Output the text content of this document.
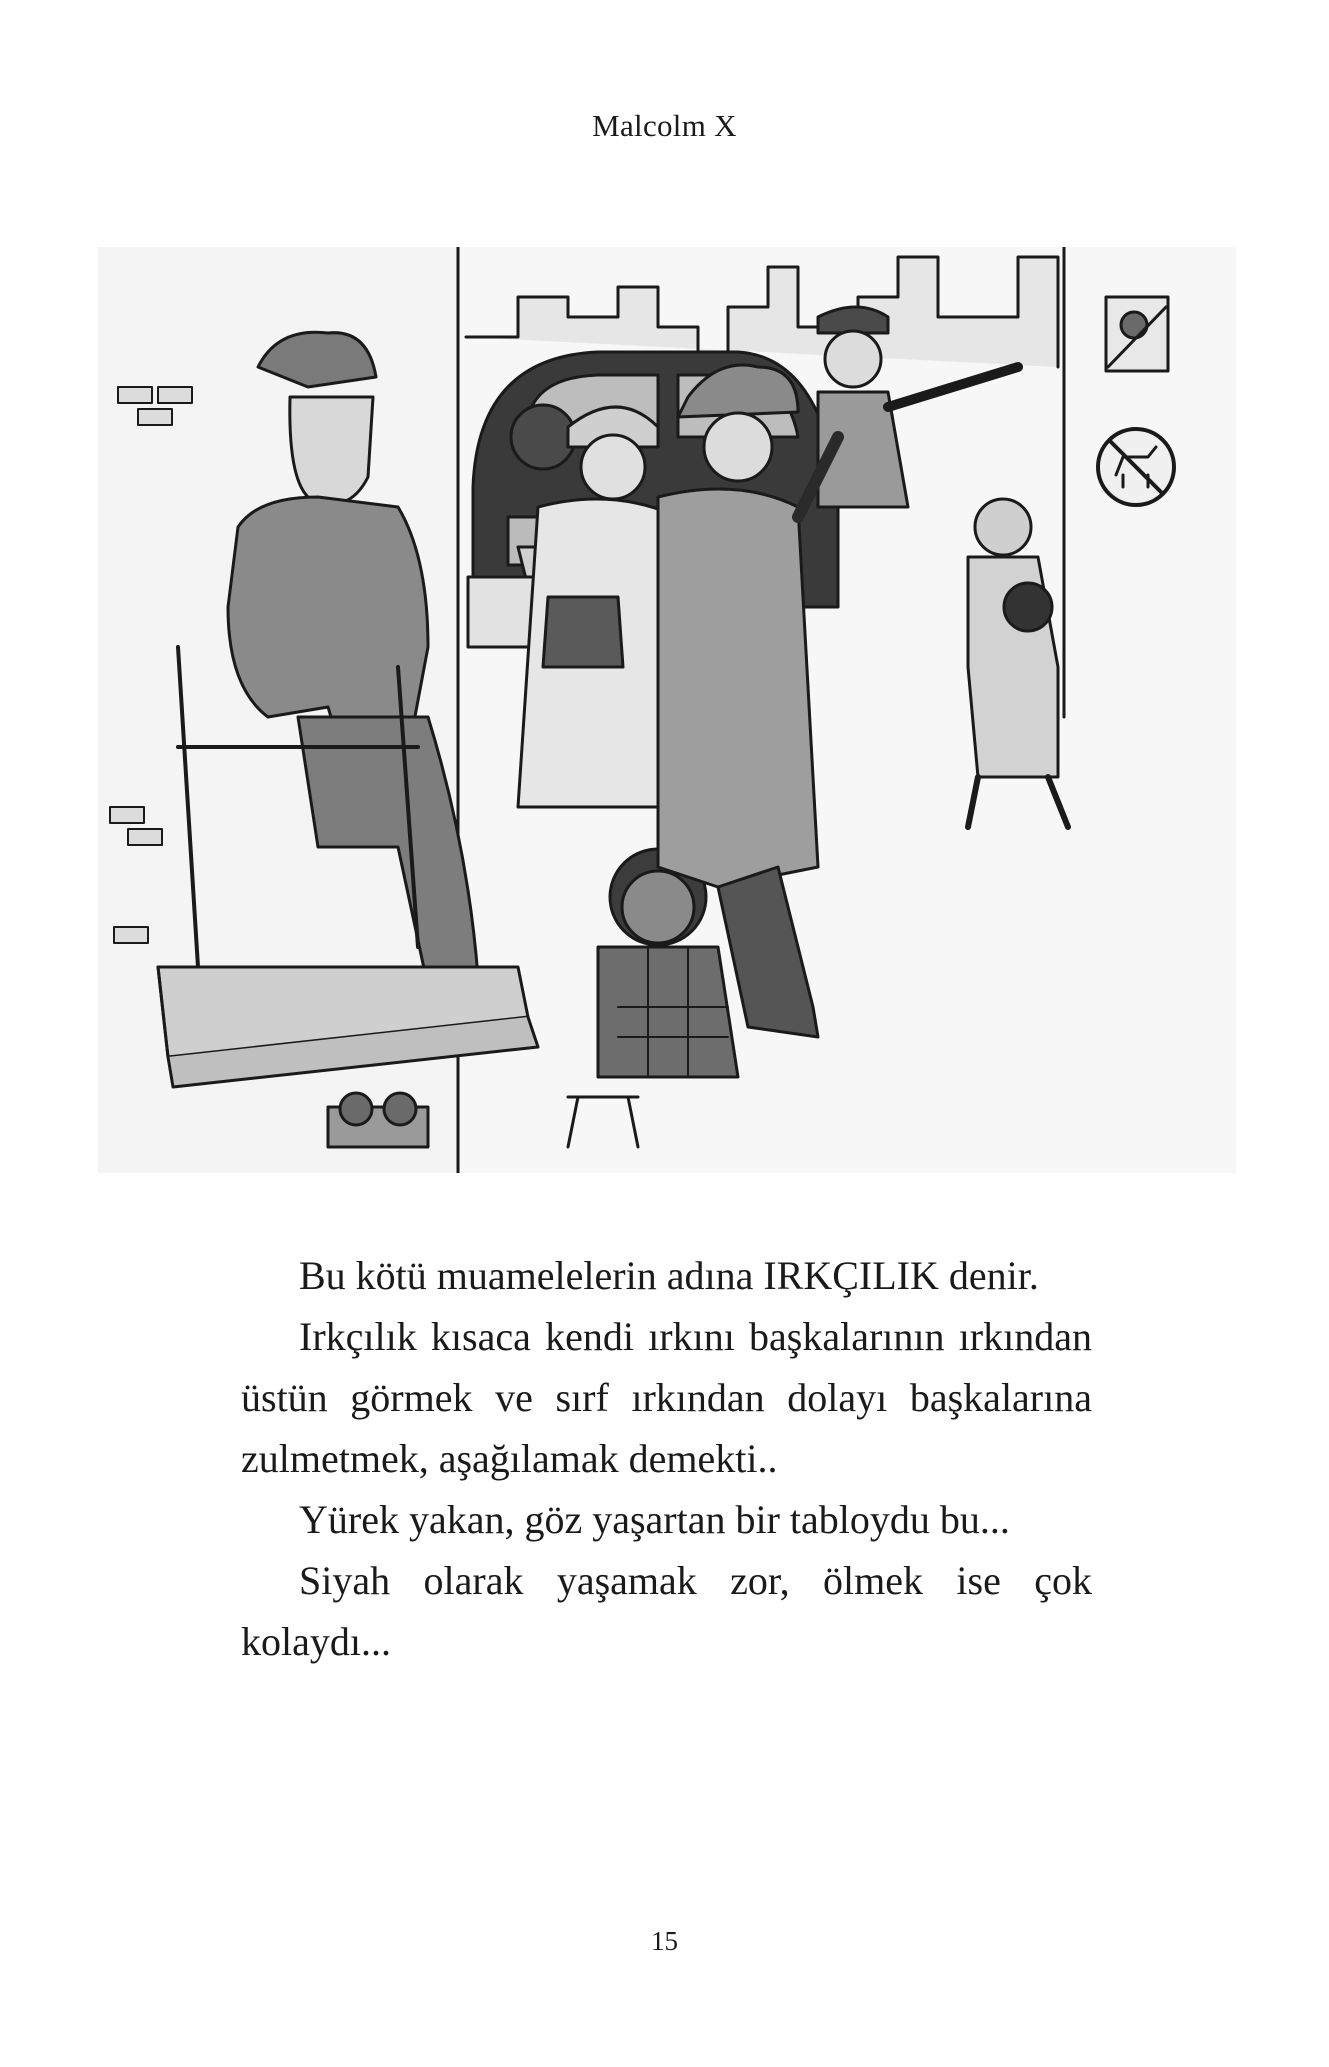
Malcolm X

Bu kötü muamelelerin adına IRKÇILIK denir.

Irkçılık kısaca kendi ırkını başkalarının ırkından üstün görmek ve sırf ırkından dolayı başkalarına zulmetmek, aşağılamak demekti..

Yürek yakan, göz yaşartan bir tabloydu bu...

Siyah olarak yaşamak zor, ölmek ise çok kolaydı...

15
